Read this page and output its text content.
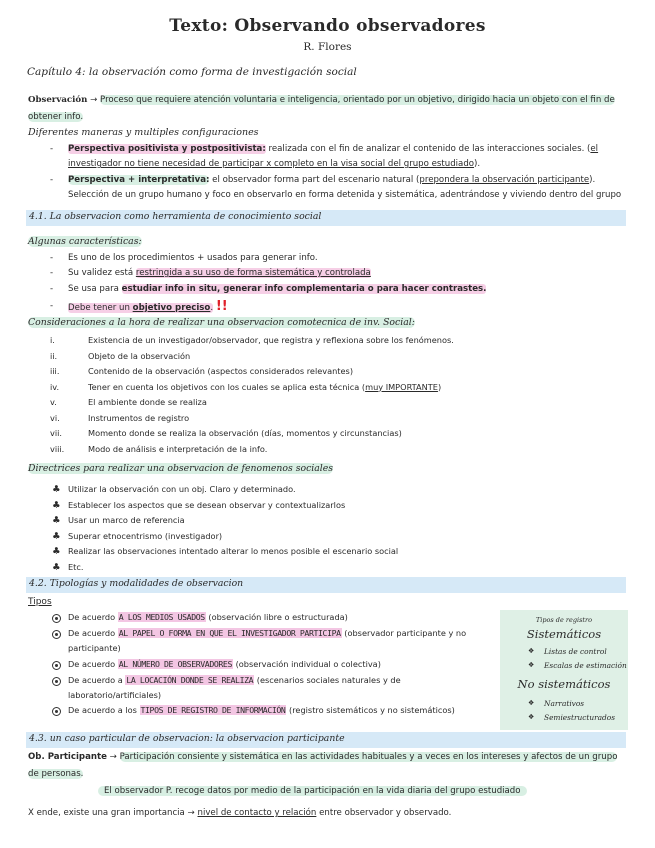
Texto: Observando observadores
R. Flores
Capítulo 4: la observación como forma de investigación social
Observación → Proceso que requiere atención voluntaria e inteligencia, orientado por un objetivo, dirigido hacia un objeto con el fin de
obtener info.
Diferentes maneras y multiples configuraciones
- Perspectiva positivista y postpositivista: realizada con el fin de analizar el contenido de las interacciones sociales. (el
investigador no tiene necesidad de participar x completo en la visa social del grupo estudiado).
- Perspectiva + interpretativa: el observador forma part del escenario natural (prepondera la observación participante).
Selección de un grupo humano y foco en observarlo en forma detenida y sistemática, adentrándose y viviendo dentro del grupo
4.1. La observacion como herramienta de conocimiento social
Algunas características:
- Es uno de los procedimientos + usados para generar info.
- Su validez está restringida a su uso de forma sistemática y controlada
- Se usa para estudiar info in situ, generar info complementaria o para hacer contrastes.
- Debe tener un objetivo preciso. !!
Consideraciones a la hora de realizar una observacion comotecnica de inv. Social:
i.	Existencia de un investigador/observador, que registra y reflexiona sobre los fenómenos.
ii.	Objeto de la observación
iii.	Contenido de la observación (aspectos considerados relevantes)
iv.	Tener en cuenta los objetivos con los cuales se aplica esta técnica (muy IMPORTANTE)
v.	El ambiente donde se realiza
vi.	Instrumentos de registro
vii.	Momento donde se realiza la observación (días, momentos y circunstancias)
viii.	Modo de análisis e interpretación de la info.
Directrices para realizar una observacion de fenomenos sociales
♣ Utilizar la observación con un obj. Claro y determinado.
♣ Establecer los aspectos que se desean observar y contextualizarlos
♣ Usar un marco de referencia
♣ Superar etnocentrismo (investigador)
♣ Realizar las observaciones intentado alterar lo menos posible el escenario social
♣ Etc.
4.2. Tipologías y modalidades de observacion
Tipos
De acuerdo A LOS MEDIOS USADOS (observación libre o estructurada)
De acuerdo AL PAPEL O FORMA EN QUE EL INVESTIGADOR PARTICIPA (observador participante y no
participante)
De acuerdo AL NÚMERO DE OBSERVADORES (observación individual o colectiva)
De acuerdo a LA LOCACIÓN DONDE SE REALIZA (escenarios sociales naturales y de
laboratorio/artificiales)
De acuerdo a los TIPOS DE REGISTRO DE INFORMACIÓN (registro sistemáticos y no sistemáticos)
Tipos de registro
Sistemáticos
❖ Listas de control
❖ Escalas de estimación
No sistemáticos
❖ Narrativos
❖ Semiestructurados
4.3. un caso particular de observacion: la observacion participante
Ob. Participante → Participación consiente y sistemática en las actividades habituales y a veces en los intereses y afectos de un grupo
de personas.
El observador P. recoge datos por medio de la participación en la vida diaria del grupo estudiado
X ende, existe una gran importancia → nivel de contacto y relación entre observador y observado.
